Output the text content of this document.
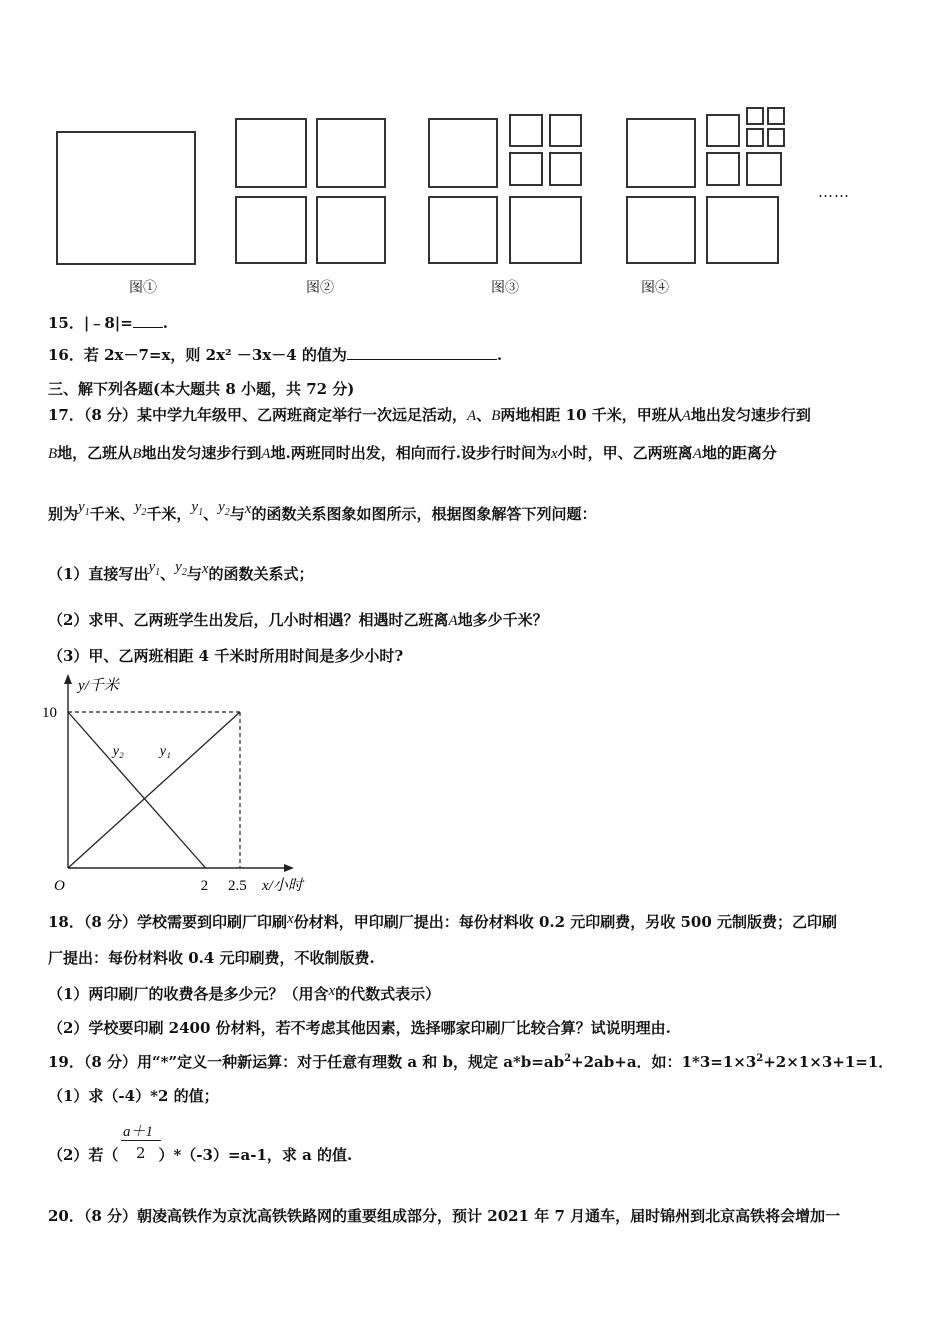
……
图①	图②	图③	图④
15．|﹣8|= .
16．若 2x－7=x，则 2x² －3x－4 的值为	.
三、解下列各题(本大题共 8 小题，共 72 分)
17．（8 分）某中学九年级甲、乙两班商定举行一次远足活动，A、B两地相距 10 千米，甲班从A地出发匀速步行到
B地，乙班从B地出发匀速步行到A地.两班同时出发，相向而行.设步行时间为x小时，甲、乙两班离A地的距离分
别为$y_1$千米、$y_2$千米，$y_1$、$y_2$与x的函数关系图象如图所示，根据图象解答下列问题：
（1）直接写出$y_1$、$y_2$与x的函数关系式；
（2）求甲、乙两班学生出发后，几小时相遇？相遇时乙班离A地多少千米？
（3）甲、乙两班相距 4 千米时所用时间是多少小时?
y/千米
x/小时
O
y₁
y₂
10
2 2.5
18．（8 分）学校需要到印刷厂印刷x份材料，甲印刷厂提出：每份材料收 0.2 元印刷费，另收 500 元制版费；乙印刷
厂提出：每份材料收 0.4 元印刷费，不收制版费.
（1）两印刷厂的收费各是多少元？（用含x的代数式表示）
（2）学校要印刷 2400 份材料，若不考虑其他因素，选择哪家印刷厂比较合算？试说明理由.
19．（8 分）用“*”定义一种新运算：对于任意有理数 a 和 b，规定 $a*b=ab^2+2ab+a$．如：$1*3=1\times 3^2+2\times 1\times 3+1=1$．
（1）求（-4）*2 的值；
（2）若（	）*（-3）=a-1，求 a 的值.
a＋1
2
20．（8 分）朝凌高铁作为京沈高铁铁路网的重要组成部分，预计 2021 年 7 月通车，届时锦州到北京高铁将会增加一
